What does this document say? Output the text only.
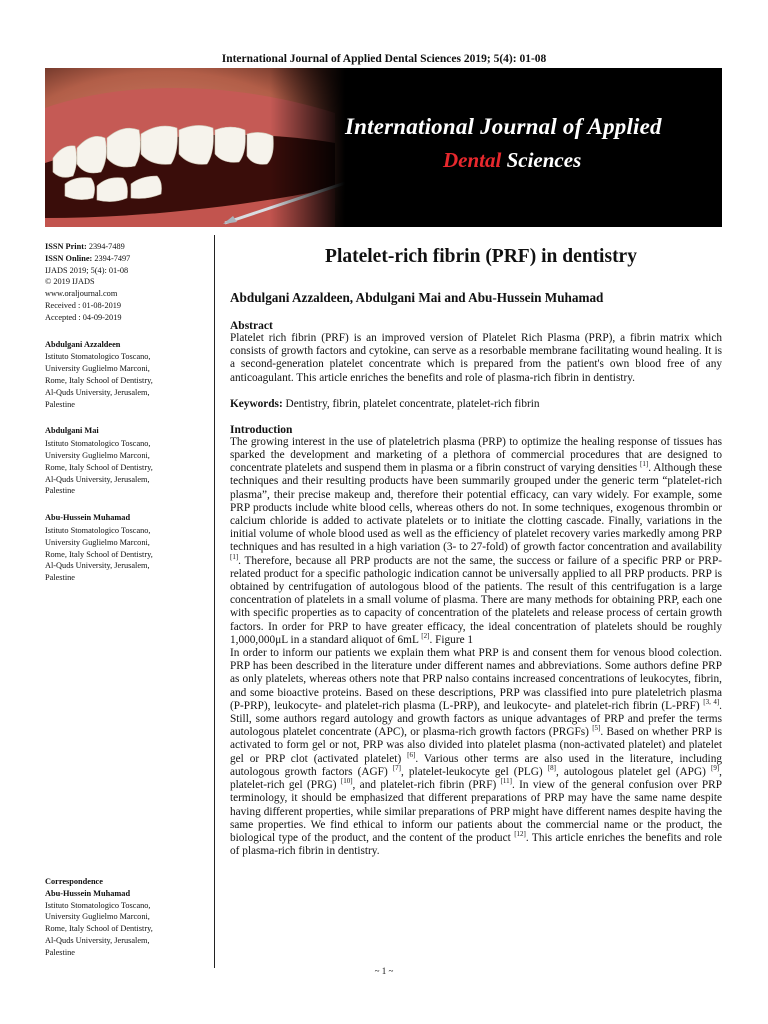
International Journal of Applied Dental Sciences 2019; 5(4): 01-08
International Journal of Applied
Dental Sciences
ISSN Print: 2394-7489
ISSN Online: 2394-7497
IJADS 2019; 5(4): 01-08
© 2019 IJADS
www.oraljournal.com
Received : 01-08-2019
Accepted : 04-09-2019
Abdulgani Azzaldeen
Istituto Stomatologico Toscano,
University Guglielmo Marconi,
Rome, Italy School of Dentistry,
Al-Quds University, Jerusalem,
Palestine
Abdulgani Mai
Istituto Stomatologico Toscano,
University Guglielmo Marconi,
Rome, Italy School of Dentistry,
Al-Quds University, Jerusalem,
Palestine
Abu-Hussein Muhamad
Istituto Stomatologico Toscano,
University Guglielmo Marconi,
Rome, Italy School of Dentistry,
Al-Quds University, Jerusalem,
Palestine
Correspondence
Abu-Hussein Muhamad
Istituto Stomatologico Toscano,
University Guglielmo Marconi,
Rome, Italy School of Dentistry,
Al-Quds University, Jerusalem,
Palestine
Platelet-rich fibrin (PRF) in dentistry
Abdulgani Azzaldeen, Abdulgani Mai and Abu-Hussein Muhamad
Abstract

Platelet rich fibrin (PRF) is an improved version of Platelet Rich Plasma (PRP), a fibrin matrix which consists of growth factors and cytokine, can serve as a resorbable membrane facilitating wound healing. It is a second-generation platelet concentrate which is prepared from the patient's own blood free of any anticoagulant. This article enriches the benefits and role of plasma-rich fibrin in dentistry.

Keywords: Dentistry, fibrin, platelet concentrate, platelet-rich fibrin
Introduction

The growing interest in the use of plateletrich plasma (PRP) to optimize the healing response of tissues has sparked the development and marketing of a plethora of commercial procedures that are designed to concentrate platelets and suspend them in plasma or a fibrin construct of varying densities [1]. Although these techniques and their resulting products have been summarily grouped under the generic term “platelet-rich plasma”, their precise makeup and, therefore their potential efficacy, can vary widely. For example, some PRP products include white blood cells, whereas others do not. In some techniques, exogenous thrombin or calcium chloride is added to activate platelets or to initiate the clotting cascade. Finally, variations in the initial volume of whole blood used as well as the efficiency of platelet recovery varies markedly among PRP techniques and has resulted in a high variation (3- to 27-fold) of growth factor concentration and availability [1]. Therefore, because all PRP products are not the same, the success or failure of a specific PRP or PRP-related product for a specific pathologic indication cannot be universally applied to all PRP products. PRP is obtained by centrifugation of autologous blood of the patients. The result of this centrifugation is a large concentration of platelets in a small volume of plasma. There are many methods for obtaining PRP, each one with specific properties as to capacity of concentration of the platelets and release process of certain growth factors. In order for PRP to have greater efficacy, the ideal concentration of platelets should be roughly 1,000,000μL in a standard aliquot of 6mL [2]. Figure 1

In order to inform our patients we explain them what PRP is and consent them for venous blood colection. PRP has been described in the literature under different names and abbreviations. Some authors define PRP as only platelets, whereas others note that PRP nalso contains increased concentrations of leukocytes, fibrin, and some bioactive proteins. Based on these descriptions, PRP was classified into pure plateletrich plasma (P-PRP), leukocyte- and platelet-rich plasma (L-PRP), and leukocyte- and platelet-rich fibrin (L-PRF) [3, 4]. Still, some authors regard autology and growth factors as unique advantages of PRP and prefer the terms autologous platelet concentrate (APC), or plasma-rich growth factors (PRGFs) [5]. Based on whether PRP is activated to form gel or not, PRP was also divided into platelet plasma (non-activated platelet) and platelet gel or PRP clot (activated platelet) [6]. Various other terms are also used in the literature, including autologous growth factors (AGF) [7], platelet-leukocyte gel (PLG) [8], autologous platelet gel (APG) [9], platelet-rich gel (PRG) [10], and platelet-rich fibrin (PRF) [11]. In view of the general confusion over PRP terminology, it should be emphasized that different preparations of PRP may have the same name despite having different properties, while similar preparations of PRP might have different names despite having the same properties. We find ethical to inform our patients about the commercial name or the product, the biological type of the product, and the content of the product [12]. This article enriches the benefits and role of plasma-rich fibrin in dentistry.

~ 1 ~
